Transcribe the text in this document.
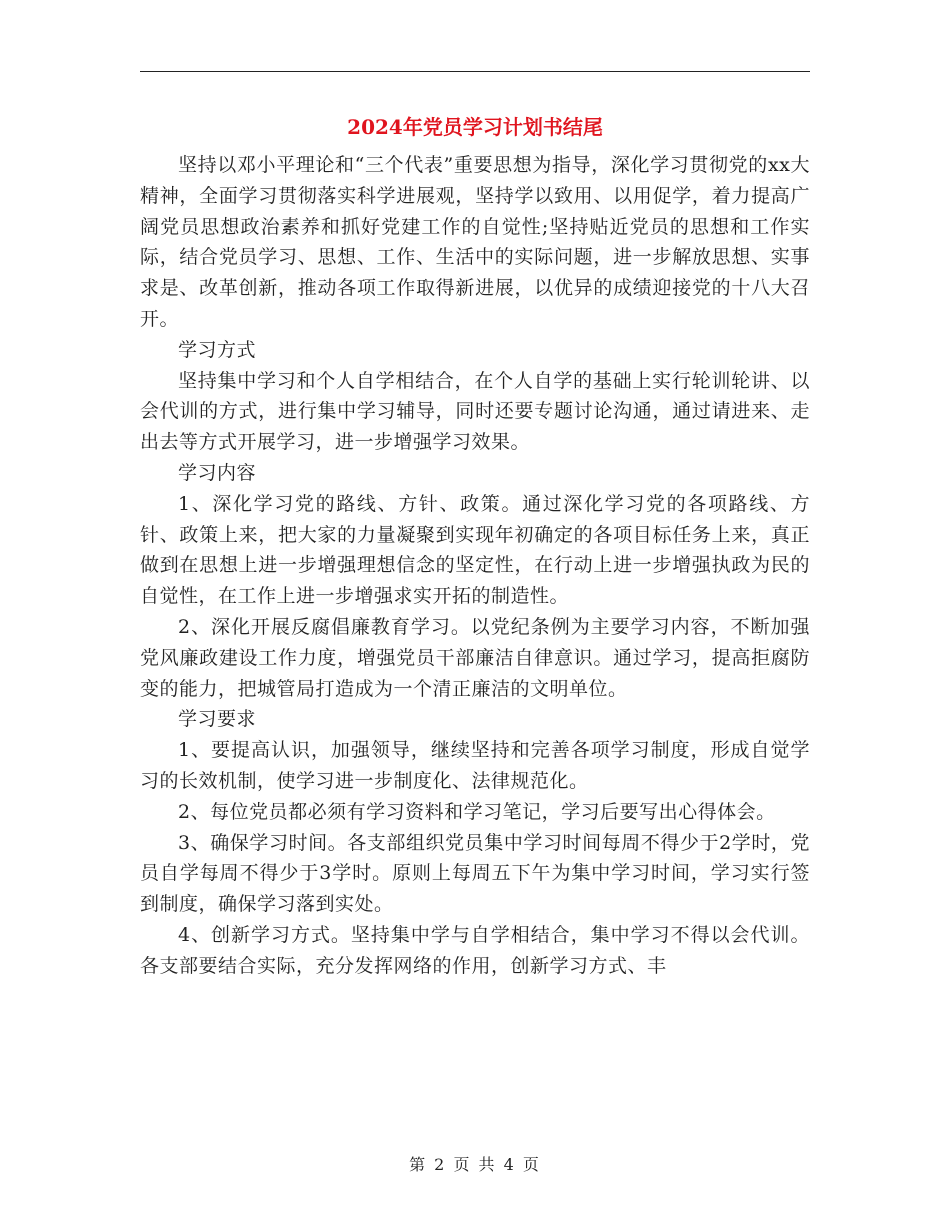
2024年党员学习计划书结尾

坚持以邓小平理论和“三个代表”重要思想为指导，深化学习贯彻党的xx大精神，全面学习贯彻落实科学进展观，坚持学以致用、以用促学，着力提高广阔党员思想政治素养和抓好党建工作的自觉性;坚持贴近党员的思想和工作实际，结合党员学习、思想、工作、生活中的实际问题，进一步解放思想、实事求是、改革创新，推动各项工作取得新进展，以优异的成绩迎接党的十八大召开。

学习方式

坚持集中学习和个人自学相结合，在个人自学的基础上实行轮训轮讲、以会代训的方式，进行集中学习辅导，同时还要专题讨论沟通，通过请进来、走出去等方式开展学习，进一步增强学习效果。

学习内容

1、深化学习党的路线、方针、政策。通过深化学习党的各项路线、方针、政策上来，把大家的力量凝聚到实现年初确定的各项目标任务上来，真正做到在思想上进一步增强理想信念的坚定性，在行动上进一步增强执政为民的自觉性，在工作上进一步增强求实开拓的制造性。

2、深化开展反腐倡廉教育学习。以党纪条例为主要学习内容，不断加强党风廉政建设工作力度，增强党员干部廉洁自律意识。通过学习，提高拒腐防变的能力，把城管局打造成为一个清正廉洁的文明单位。

学习要求

1、要提高认识，加强领导，继续坚持和完善各项学习制度，形成自觉学习的长效机制，使学习进一步制度化、法律规范化。

2、每位党员都必须有学习资料和学习笔记，学习后要写出心得体会。

3、确保学习时间。各支部组织党员集中学习时间每周不得少于2学时，党员自学每周不得少于3学时。原则上每周五下午为集中学习时间，学习实行签到制度，确保学习落到实处。

4、创新学习方式。坚持集中学与自学相结合，集中学习不得以会代训。各支部要结合实际，充分发挥网络的作用，创新学习方式、丰

第 2 页 共 4 页
